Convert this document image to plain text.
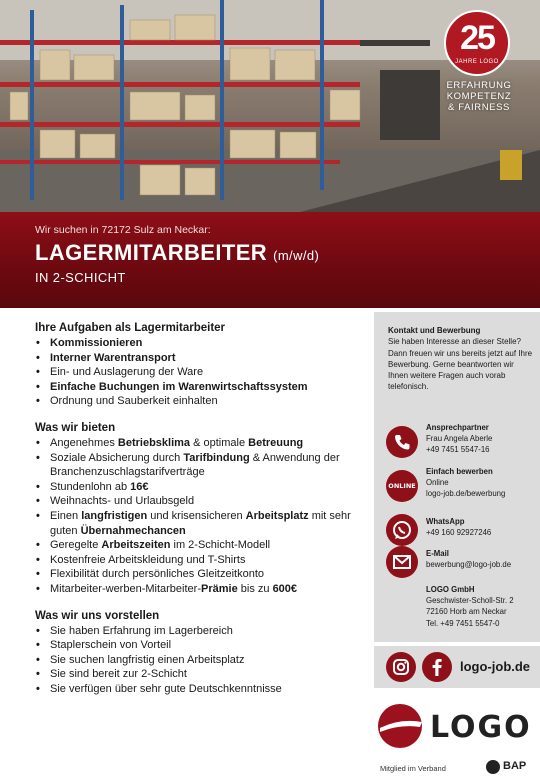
25
JAHRE LOGO
ERFAHRUNG
KOMPETENZ
& FAIRNESS
Wir suchen in 72172 Sulz am Neckar:
LAGERMITARBEITER (m/w/d)
IN 2-SCHICHT
Ihre Aufgaben als Lagermitarbeiter
• Kommissionieren
• Interner Warentransport
• Ein- und Auslagerung der Ware
• Einfache Buchungen im Warenwirtschaftssystem
• Ordnung und Sauberkeit einhalten
Was wir bieten
• Angenehmes Betriebsklima & optimale Betreuung
• Soziale Absicherung durch Tarifbindung & Anwendung der Branchenzuschlagstarifverträge
• Stundenlohn ab 16€
• Weihnachts- und Urlaubsgeld
• Einen langfristigen und krisensicheren Arbeitsplatz mit sehr guten Übernahmechancen
• Geregelte Arbeitszeiten im 2-Schicht-Modell
• Kostenfreie Arbeitskleidung und T-Shirts
• Flexibilität durch persönliches Gleitzeitkonto
• Mitarbeiter-werben-Mitarbeiter-Prämie bis zu 600€
Was wir uns vorstellen
• Sie haben Erfahrung im Lagerbereich
• Staplerschein von Vorteil
• Sie suchen langfristig einen Arbeitsplatz
• Sie sind bereit zur 2-Schicht
• Sie verfügen über sehr gute Deutschkenntnisse
Kontakt und Bewerbung
Sie haben Interesse an dieser Stelle? Dann freuen wir uns bereits jetzt auf Ihre Bewerbung. Gerne beantworten wir Ihnen weitere Fragen auch vorab telefonisch.
Ansprechpartner
Frau Angela Aberle
+49 7451 5547-16
ONLINE
Einfach bewerben
Online
logo-job.de/bewerbung
WhatsApp
+49 160 92927246
E-Mail
bewerbung@logo-job.de
LOGO GmbH
Geschwister-Scholl-Str. 2
72160 Horb am Neckar
Tel. +49 7451 5547-0
logo-job.de
LOGO
Mitglied im Verband	BAP
